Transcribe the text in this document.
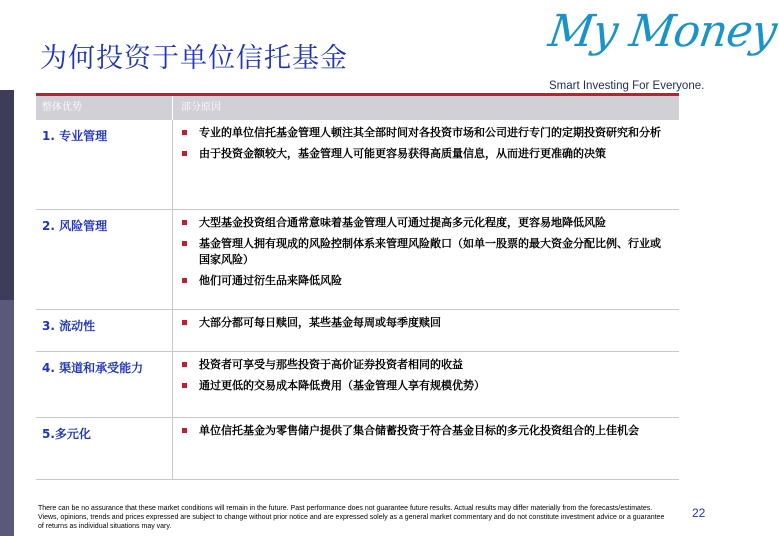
为何投资于单位信托基金
My Money
Smart Investing For Everyone.
整体优势	部分原因
1. 专业管理	专业的单位信托基金管理人顿注其全部时间对各投资市场和公司进行专门的定期投资研究和分析
由于投资金额较大，基金管理人可能更容易获得高质量信息，从而进行更准确的决策
2. 风险管理	大型基金投资组合通常意味着基金管理人可通过提高多元化程度，更容易地降低风险
基金管理人拥有现成的风险控制体系来管理风险敞口（如单一股票的最大资金分配比例、行业或国家风险）
他们可通过衍生品来降低风险
3. 流动性	大部分都可每日赎回，某些基金每周或每季度赎回
4. 渠道和承受能力	投资者可享受与那些投资于高价证券投资者相同的收益
通过更低的交易成本降低费用（基金管理人享有规模优势）
5.多元化	单位信托基金为零售储户提供了集合储蓄投资于符合基金目标的多元化投资组合的上佳机会
There can be no assurance that these market conditions will remain in the future. Past performance does not guarantee future results. Actual results may differ materially from the forecasts/estimates. Views, opinions, trends and prices expressed are subject to change without prior notice and are expressed solely as a general market commentary and do not constitute investment advice or a guarantee of returns as individual situations may vary.
22
